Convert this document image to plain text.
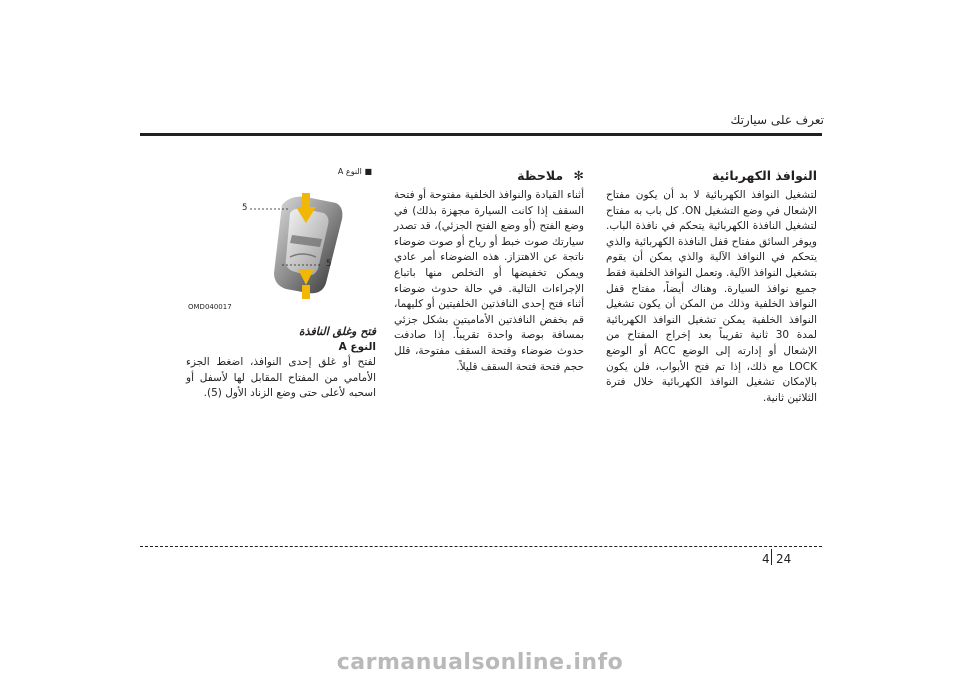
تعرف على سيارتك

النوافذ الكهربائية

لتشغيل النوافذ الكهربائية لا بد أن يكون مفتاح الإشعال في وضع التشغيل ON. كل باب به مفتاح لتشغيل النافذة الكهربائية يتحكم في نافذة الباب. ويوفر السائق مفتاح قفل النافذة الكهربائية والذي يتحكم في النوافذ الآلية والذي يمكن أن يقوم بتشغيل النوافذ الآلية. وتعمل النوافذ الخلفية فقط جميع نوافذ السيارة. وهناك أيضاً، مفتاح قفل النوافذ الخلفية وذلك من المكن أن يكون تشغيل النوافذ الخلفية يمكن تشغيل النوافذ الكهربائية لمدة 30 ثانية تقريباً بعد إخراج المفتاح من الإشعال أو إدارته إلى الوضع ACC أو الوضع LOCK مع ذلك، إذا تم فتح الأبواب، فلن يكون بالإمكان تشغيل النوافذ الكهربائية خلال فترة الثلاثين ثانية.

✻ ملاحظة

أثناء القيادة والنوافذ الخلفية مفتوحة أو فتحة السقف إذا كانت السيارة مجهزة بذلك) في وضع الفتح (أو وضع الفتح الجزئي)، قد تصدر سيارتك صوت خبط أو رياح أو صوت ضوضاء ناتجة عن الاهتزاز. هذه الضوضاء أمر عادي ويمكن تخفيضها أو التخلص منها باتباع الإجراءات التالية. في حالة حدوث ضوضاء أثناء فتح إحدى النافذتين الخلفيتين أو كليهما، قم بخفض النافذتين الأماميتين بشكل جزئي بمسافة بوصة واحدة تقريباً. إذا صادفت حدوث ضوضاء وفتحة السقف مفتوحة، قلل حجم فتحة فتحة السقف قليلاً.

■ النوع A
5
5
OMD040017

فتح وغلق النافذة

النوع A

لفتح أو غلق إحدى النوافذ، اضغط الجزء الأمامي من المفتاح المقابل لها لأسفل أو اسحبه لأعلى حتى وضع الزناد الأول (5).

4 24
carmanualsonline.info
